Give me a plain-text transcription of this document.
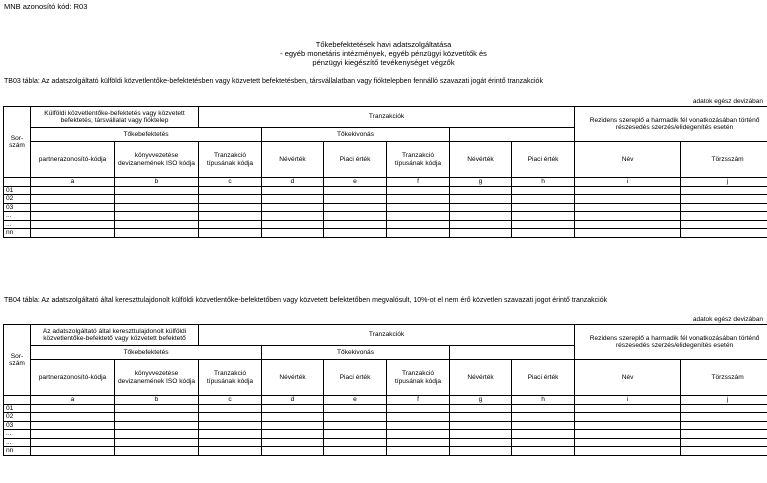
MNB azonosító kód: R03
Tőkebefektetések havi adatszolgáltatása
- egyéb monetáris intézmények, egyéb pénzügyi közvetítők és
pénzügyi kiegészítő tevékenységet végzők
TB03 tábla: Az adatszolgáltató külföldi közvetlentőke-befektetésben vagy közvetett befektetésben, társvállalatban vagy fióktelepben fennálló szavazati jogát érintő tranzakciók
adatok egész devizában
Sor-szám	Külföldi közvetlentőke-befektetés vagy közvetett befektetés, társvállalat vagy fióktelep		Tranzakciók						Rezidens szereplő a harmadik fél vonatkozásában történő részesedés szerzés/elidegenítés esetén	
	Tőkebefektetés			Tőkekivonás						
	partnerazonosító-kódja	könyvvezetése devizanemének ISO kódja	Tranzakció típusának kódja	Névérték	Piaci érték	Tranzakció típusának kódja	Névérték	Piaci érték	Név	Törzsszám
	a	b	c	d	e	f	g	h	i	j
01										
02										
03										
...										
...										
nn										
TB04 tábla: Az adatszolgáltató által kereszttulajdonolt külföldi közvetlentőke-befektetőben vagy közvetett befektetőben megvalósult, 10%-ot el nem érő közvetlen szavazati jogot érintő tranzakciók
adatok egész devizában
Sor-szám	Az adatszolgáltató által kereszttulajdonolt külföldi közvetlentőke-befektető vagy közvetett befektető		Tranzakciók						Rezidens szereplő a harmadik fél vonatkozásában történő részesedés szerzés/elidegenítés esetén	
	Tőkebefektetés			Tőkekivonás						
	partnerazonosító-kódja	könyvvezetése devizanemének ISO kódja	Tranzakció típusának kódja	Névérték	Piaci érték	Tranzakció típusának kódja	Névérték	Piaci érték	Név	Törzsszám
	a	b	c	d	e	f	g	h	i	j
01										
02										
03										
...										
...										
nn										
